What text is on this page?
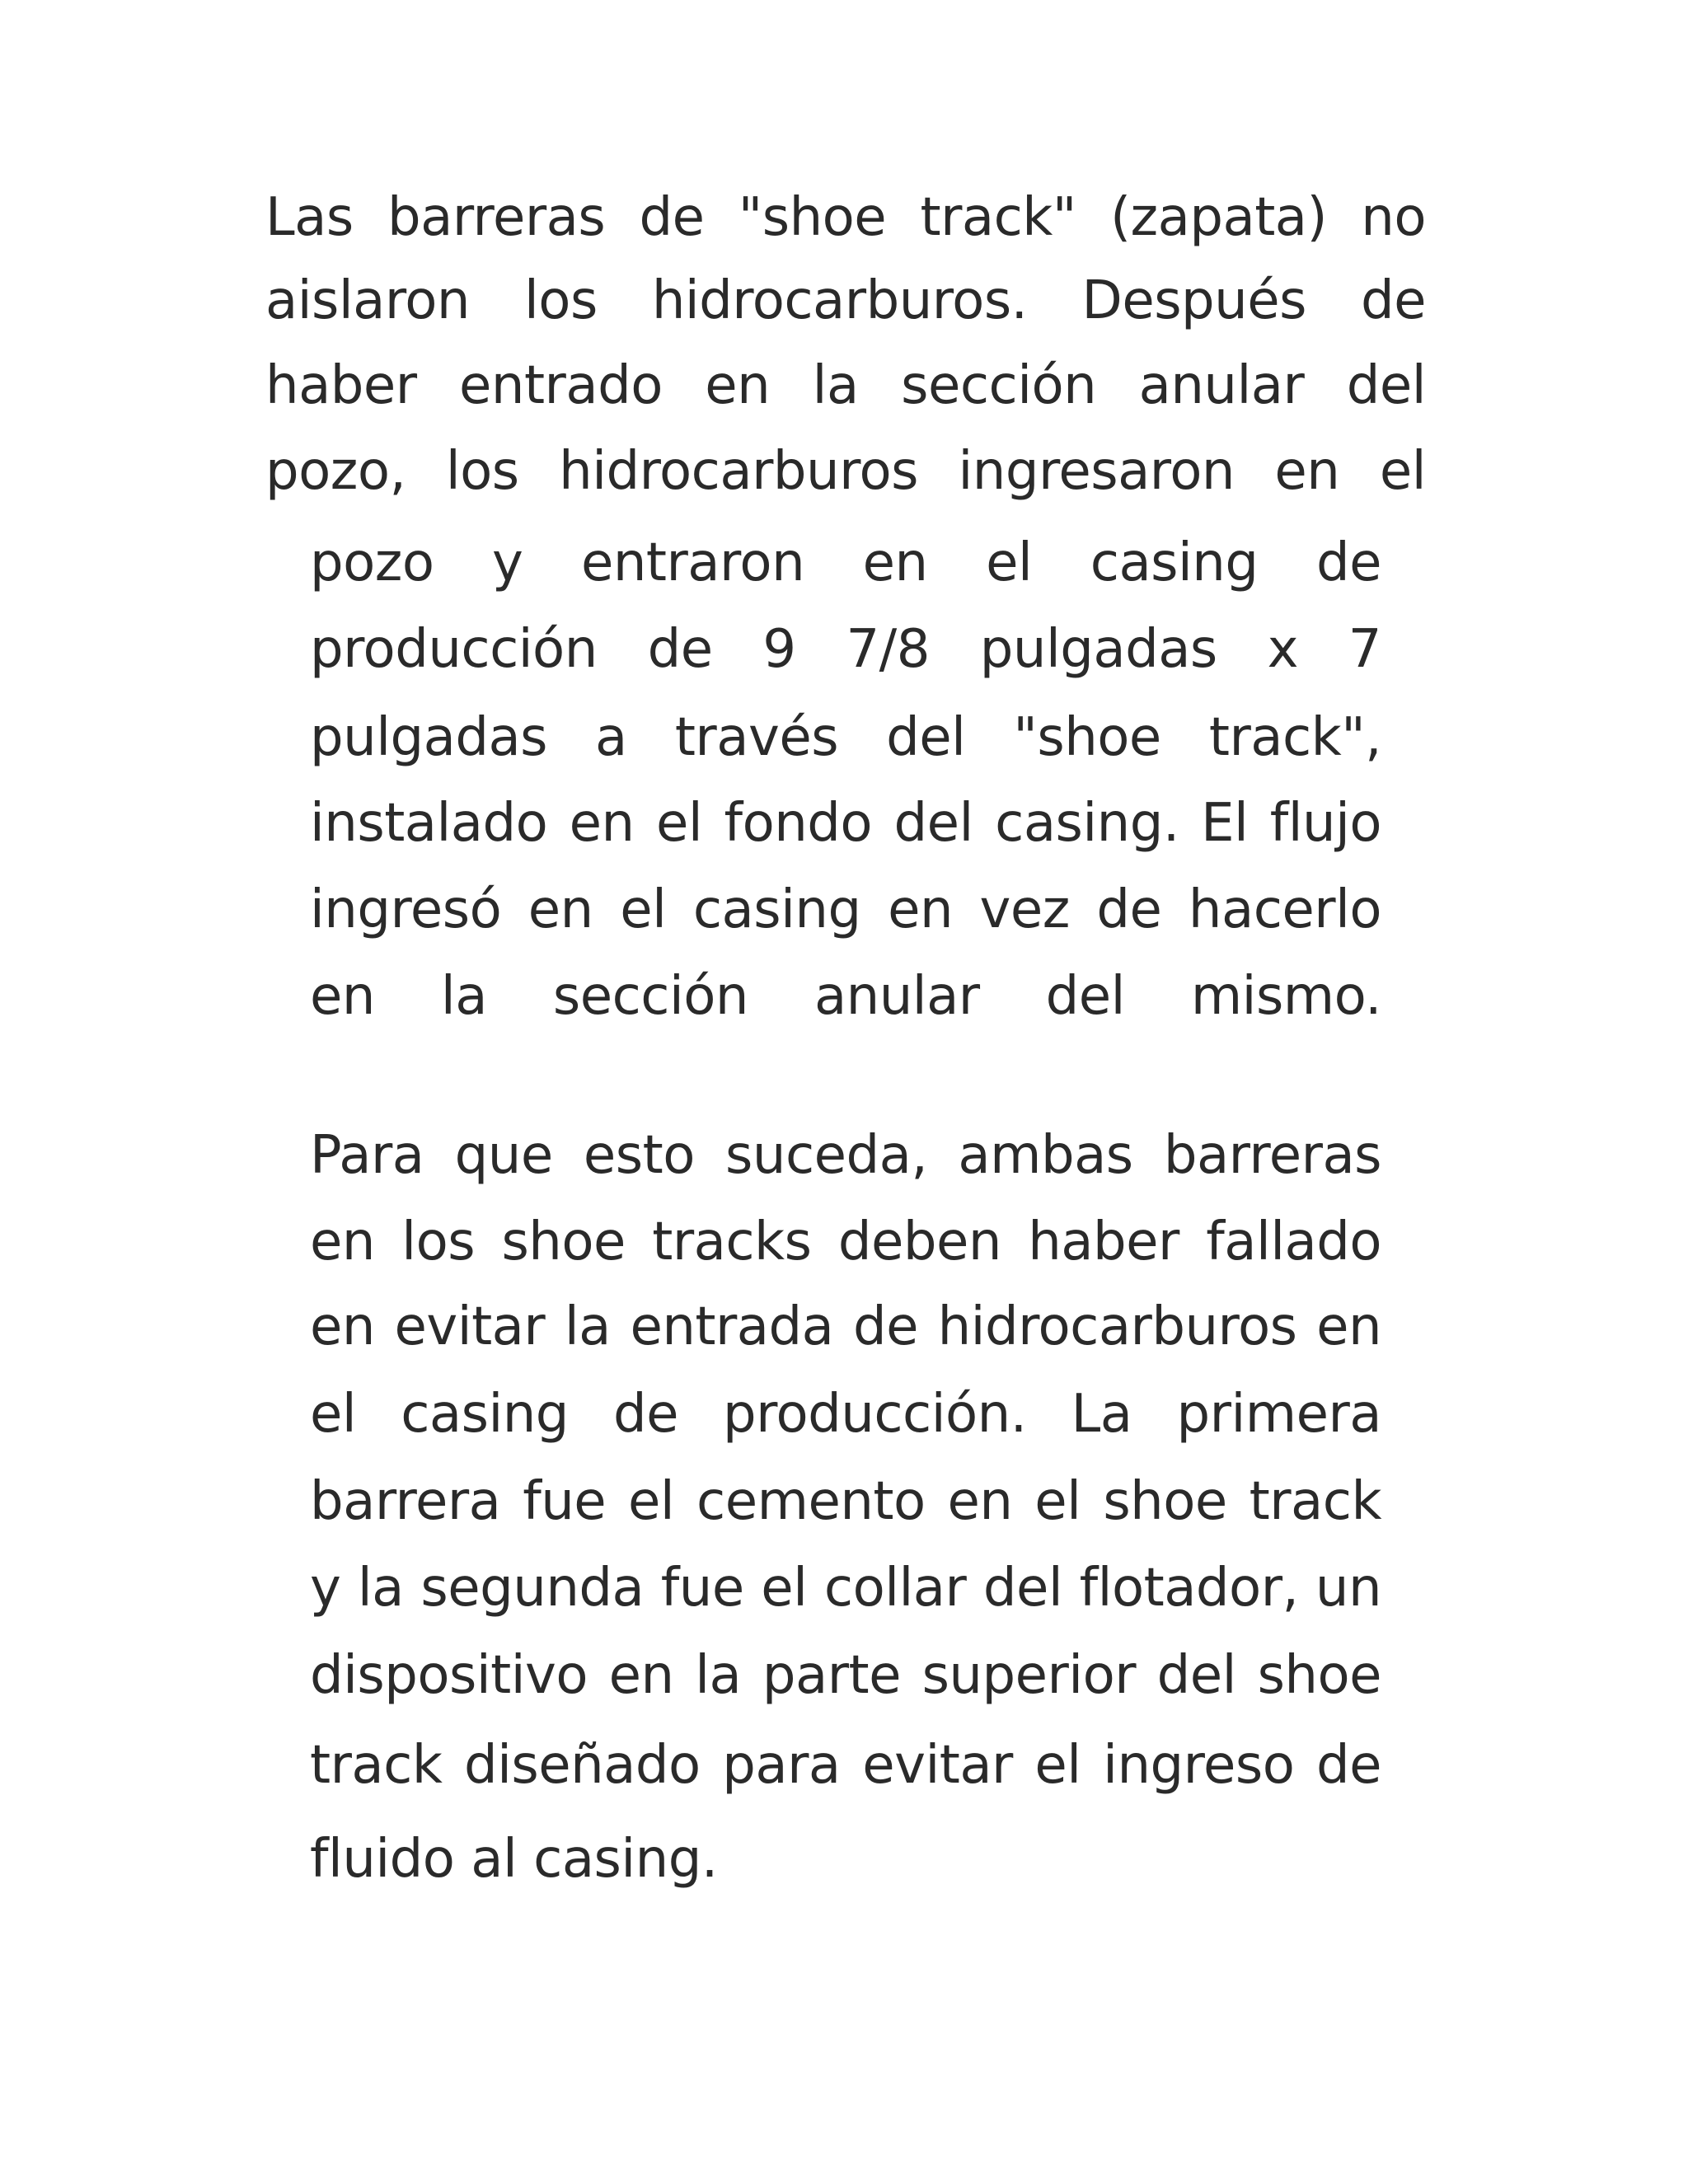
Las barreras de "shoe track" (zapata) no
aislaron los hidrocarburos. Después de
haber entrado en la sección anular del
pozo, los hidrocarburos ingresaron en el
pozo y entraron en el casing de
producción de 9 7/8 pulgadas x 7
pulgadas a través del "shoe track",
instalado en el fondo del casing. El flujo
ingresó en el casing en vez de hacerlo
en la sección anular del mismo.
Para que esto suceda, ambas barreras
en los shoe tracks deben haber fallado
en evitar la entrada de hidrocarburos en
el casing de producción. La primera
barrera fue el cemento en el shoe track
y la segunda fue el collar del flotador, un
dispositivo en la parte superior del shoe
track diseñado para evitar el ingreso de
fluido al casing.
